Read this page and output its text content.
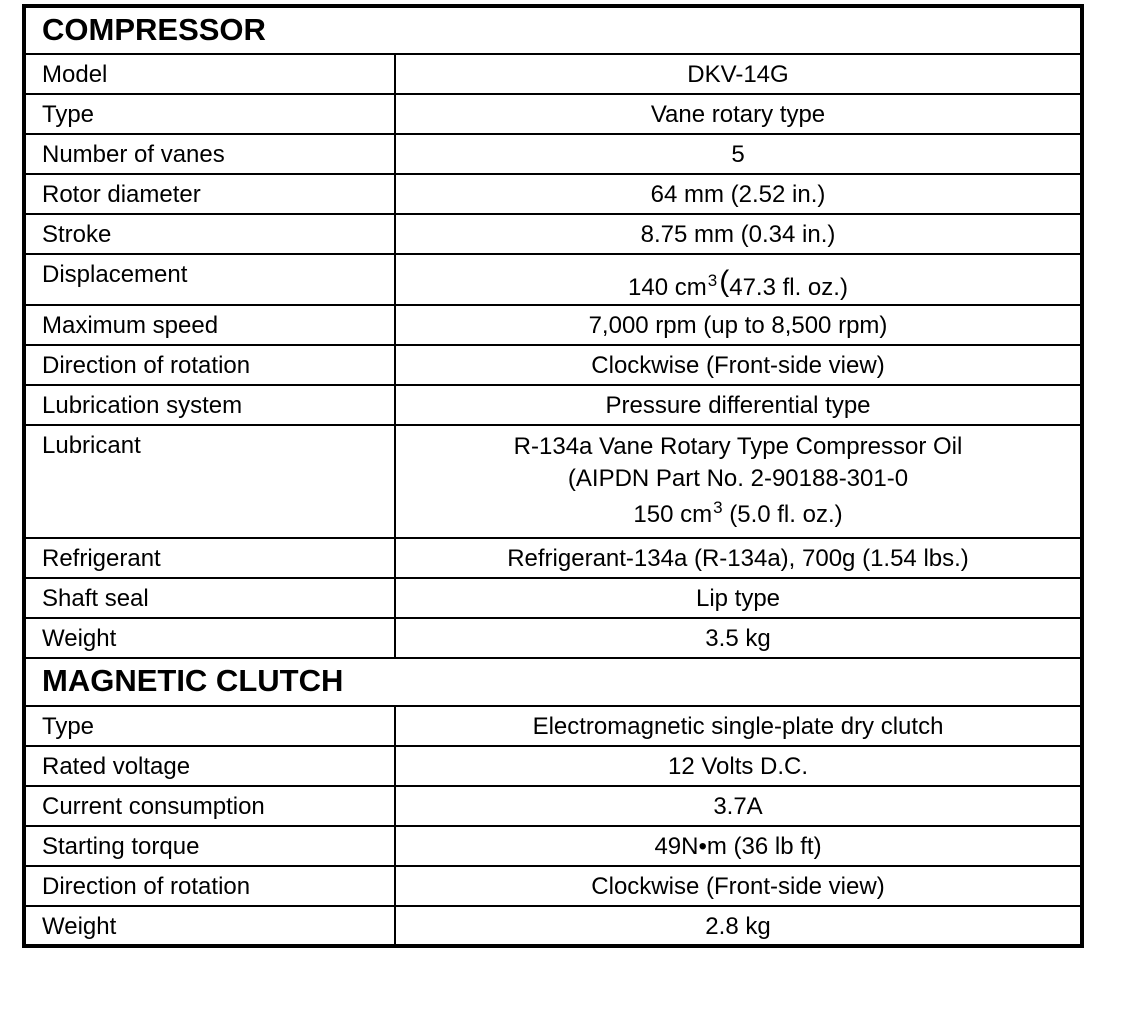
COMPRESSOR	
Model	DKV-14G
Type	Vane rotary type
Number of vanes	5
Rotor diameter	64 mm (2.52 in.)
Stroke	8.75 mm (0.34 in.)
Displacement	140 $cm^3(47.3$ fl. oz.)
Maximum speed	7,000 rpm (up to 8,500 rpm)
Direction of rotation	Clockwise (Front-side view)
Lubrication system	Pressure differential type
Lubricant	R-134a Vane Rotary Type Compressor Oil
(AIPDN Part No. 2-90188-301-0
150 $cm^3$ (5.0 fl. oz.)

Refrigerant	Refrigerant-134a (R-134a), 700g (1.54 lbs.)
Shaft seal	Lip type
Weight	3.5 kg
MAGNETIC CLUTCH	
Type	Electromagnetic single-plate dry clutch
Rated voltage	12 Volts D.C.
Current consumption	3.7A
Starting torque	49N•m (36 lb ft)
Direction of rotation	Clockwise (Front-side view)
Weight	2.8 kg
